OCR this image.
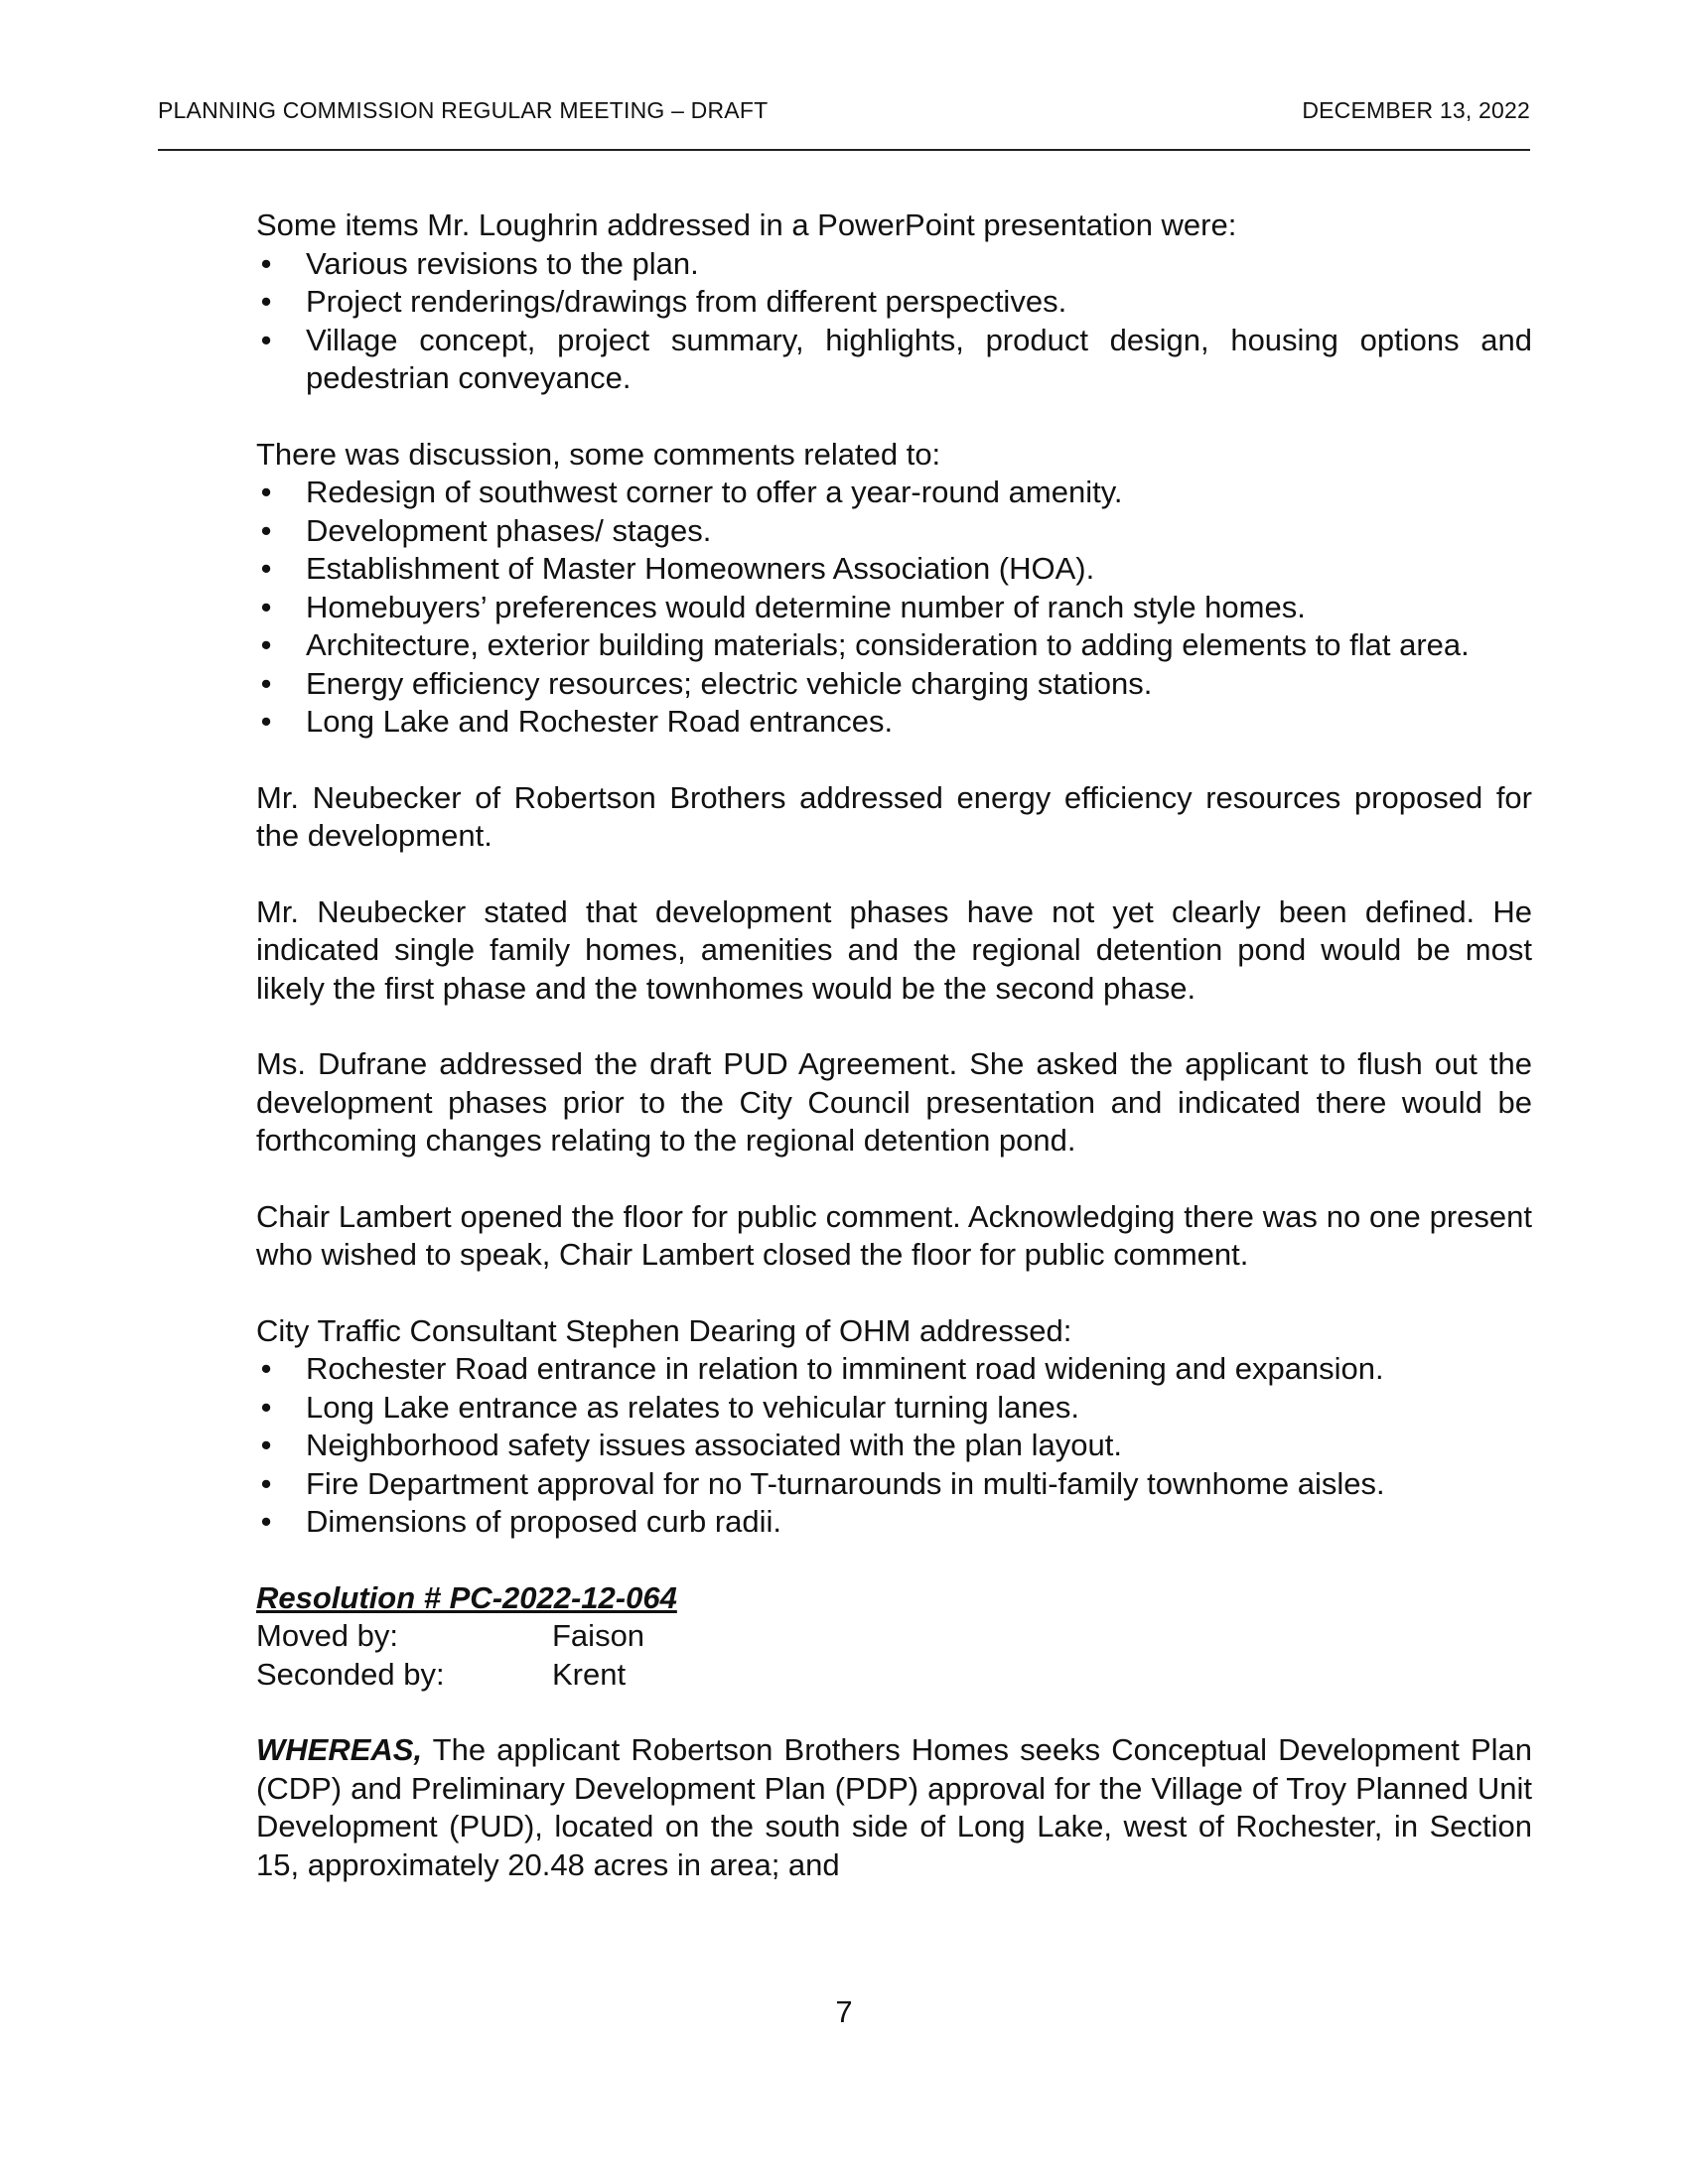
PLANNING COMMISSION REGULAR MEETING – DRAFT	DECEMBER 13, 2022

Some items Mr. Loughrin addressed in a PowerPoint presentation were:

• Various revisions to the plan.
• Project renderings/drawings from different perspectives.
• Village concept, project summary, highlights, product design, housing options and pedestrian conveyance.

There was discussion, some comments related to:

• Redesign of southwest corner to offer a year-round amenity.
• Development phases/ stages.
• Establishment of Master Homeowners Association (HOA).
• Homebuyers’ preferences would determine number of ranch style homes.
• Architecture, exterior building materials; consideration to adding elements to flat area.
• Energy efficiency resources; electric vehicle charging stations.
• Long Lake and Rochester Road entrances.

Mr. Neubecker of Robertson Brothers addressed energy efficiency resources proposed for the development.

Mr. Neubecker stated that development phases have not yet clearly been defined. He indicated single family homes, amenities and the regional detention pond would be most likely the first phase and the townhomes would be the second phase.

Ms. Dufrane addressed the draft PUD Agreement. She asked the applicant to flush out the development phases prior to the City Council presentation and indicated there would be forthcoming changes relating to the regional detention pond.

Chair Lambert opened the floor for public comment. Acknowledging there was no one present who wished to speak, Chair Lambert closed the floor for public comment.

City Traffic Consultant Stephen Dearing of OHM addressed:

• Rochester Road entrance in relation to imminent road widening and expansion.
• Long Lake entrance as relates to vehicular turning lanes.
• Neighborhood safety issues associated with the plan layout.
• Fire Department approval for no T-turnarounds in multi-family townhome aisles.
• Dimensions of proposed curb radii.
Resolution # PC-2022-12-064
Moved by:	Faison
Seconded by:	Krent

WHEREAS, The applicant Robertson Brothers Homes seeks Conceptual Development Plan (CDP) and Preliminary Development Plan (PDP) approval for the Village of Troy Planned Unit Development (PUD), located on the south side of Long Lake, west of Rochester, in Section 15, approximately 20.48 acres in area; and

7
